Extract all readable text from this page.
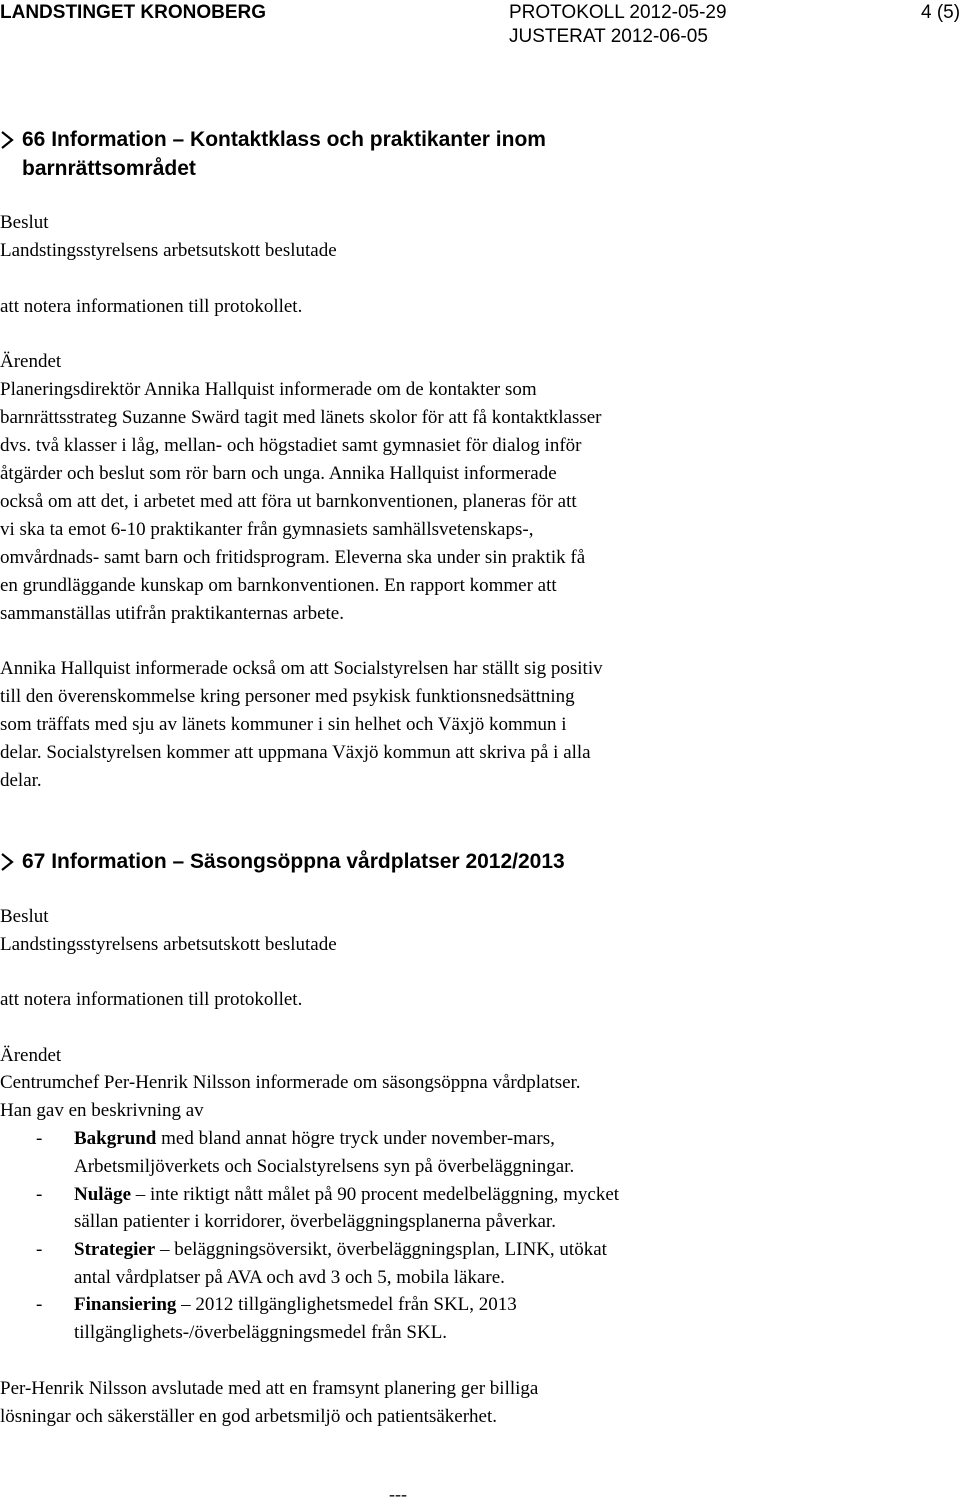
LANDSTINGET KRONOBERG	PROTOKOLL 2012-05-29
JUSTERAT 2012-06-05
4 (5)
66 Information – Kontaktklass och praktikanter inom
barnrättsområdet
Beslut
Landstingsstyrelsens arbetsutskott beslutade
att notera informationen till protokollet.
Ärendet
Planeringsdirektör Annika Hallquist informerade om de kontakter som
barnrättsstrateg Suzanne Swärd tagit med länets skolor för att få kontaktklasser
dvs. två klasser i låg, mellan- och högstadiet samt gymnasiet för dialog inför
åtgärder och beslut som rör barn och unga. Annika Hallquist informerade
också om att det, i arbetet med att föra ut barnkonventionen, planeras för att
vi ska ta emot 6-10 praktikanter från gymnasiets samhällsvetenskaps-,
omvårdnads- samt barn och fritidsprogram. Eleverna ska under sin praktik få
en grundläggande kunskap om barnkonventionen. En rapport kommer att
sammanställas utifrån praktikanternas arbete.
Annika Hallquist informerade också om att Socialstyrelsen har ställt sig positiv
till den överenskommelse kring personer med psykisk funktionsnedsättning
som träffats med sju av länets kommuner i sin helhet och Växjö kommun i
delar. Socialstyrelsen kommer att uppmana Växjö kommun att skriva på i alla
delar.
67 Information – Säsongsöppna vårdplatser 2012/2013
Beslut
Landstingsstyrelsens arbetsutskott beslutade
att notera informationen till protokollet.
Ärendet
Centrumchef Per-Henrik Nilsson informerade om säsongsöppna vårdplatser.
Han gav en beskrivning av
- Bakgrund med bland annat högre tryck under november-mars,
Arbetsmiljöverkets och Socialstyrelsens syn på överbeläggningar.
- Nuläge – inte riktigt nått målet på 90 procent medelbeläggning, mycket
sällan patienter i korridorer, överbeläggningsplanerna påverkar.
- Strategier – beläggningsöversikt, överbeläggningsplan, LINK, utökat
antal vårdplatser på AVA och avd 3 och 5, mobila läkare.
- Finansiering – 2012 tillgänglighetsmedel från SKL, 2013
tillgänglighets-/överbeläggningsmedel från SKL.
Per-Henrik Nilsson avslutade med att en framsynt planering ger billiga
lösningar och säkerställer en god arbetsmiljö och patientsäkerhet.
---
